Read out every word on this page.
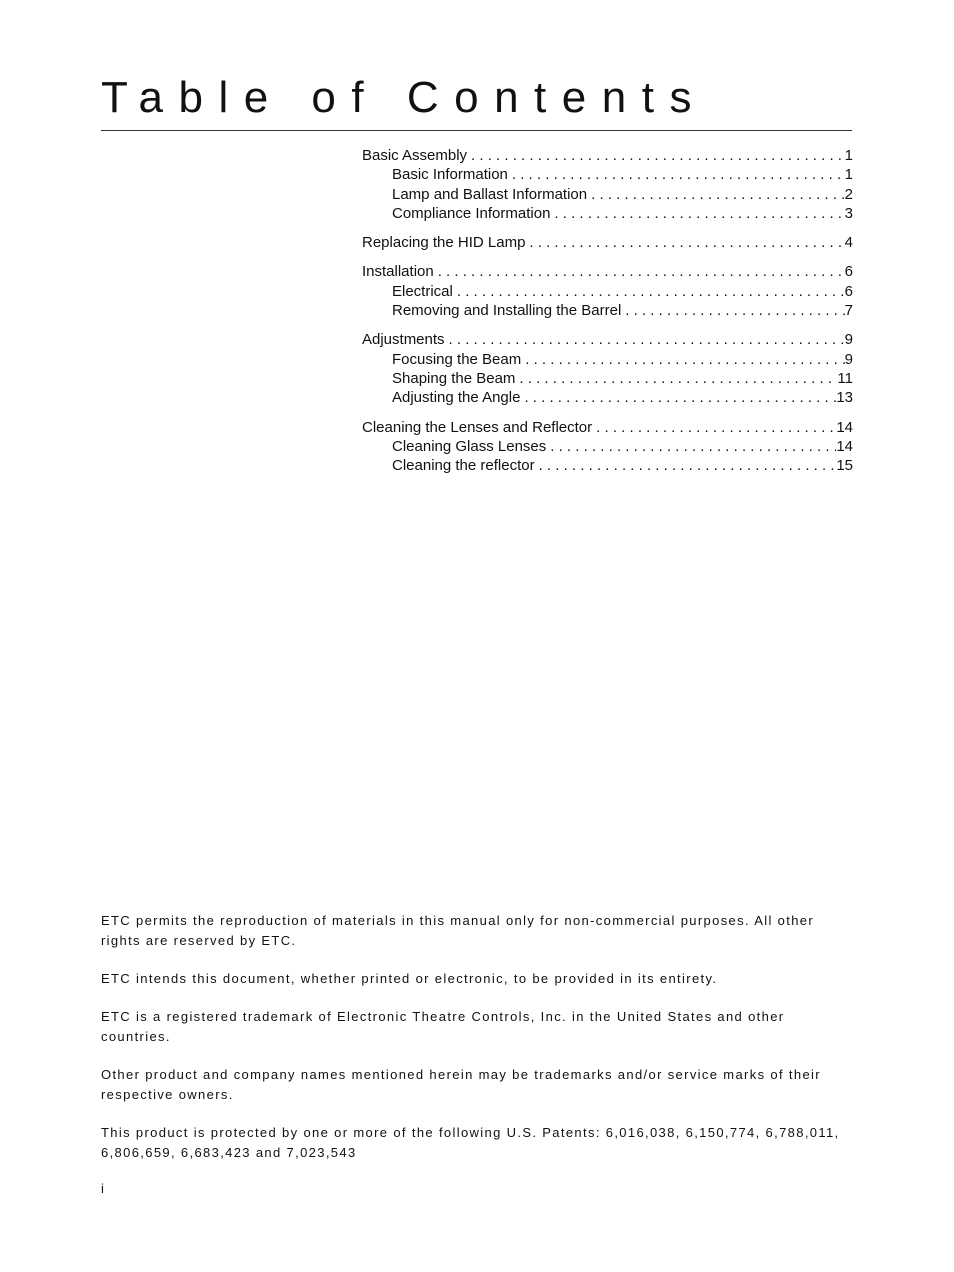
Table of Contents
Basic Assembly . . .	1
Basic Information . . .	1
Lamp and Ballast Information . . .	2
Compliance Information . . .	3
Replacing the HID Lamp . . .	4
Installation . . .	6
Electrical . . .	6
Removing and Installing the Barrel . . .	7
Adjustments . . .	9
Focusing the Beam . . .	9
Shaping the Beam . . .	11
Adjusting the Angle . . .	13
Cleaning the Lenses and Reflector . . .	14
Cleaning Glass Lenses . . .	14
Cleaning the reflector . . .	15

ETC permits the reproduction of materials in this manual only for non-commercial purposes. All other rights are reserved by ETC.

ETC intends this document, whether printed or electronic, to be provided in its entirety.

ETC is a registered trademark of Electronic Theatre Controls, Inc. in the United States and other countries.

Other product and company names mentioned herein may be trademarks and/or service marks of their respective owners.

This product is protected by one or more of the following U.S. Patents: 6,016,038, 6,150,774, 6,788,011, 6,806,659, 6,683,423 and 7,023,543

i
